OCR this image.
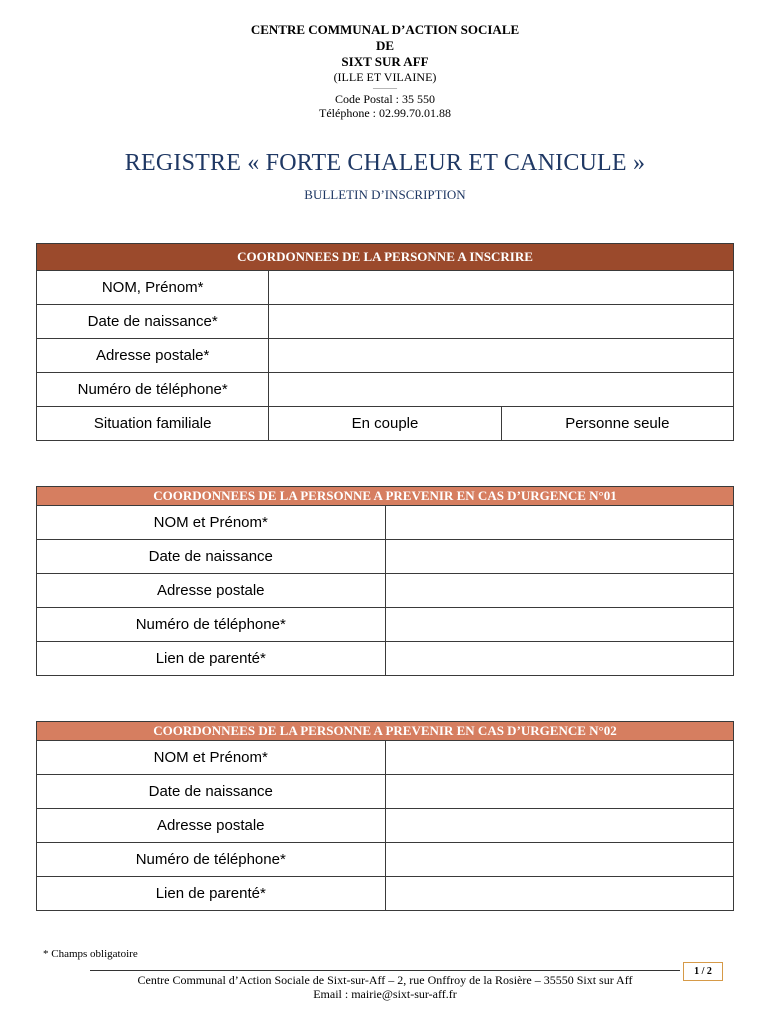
CENTRE COMMUNAL D’ACTION SOCIALE
DE
SIXT SUR AFF
(ILLE ET VILAINE)
———
Code Postal : 35 550
Téléphone : 02.99.70.01.88
REGISTRE « FORTE CHALEUR ET CANICULE »
BULLETIN D’INSCRIPTION
COORDONNEES DE LA PERSONNE A INSCRIRE		
NOM, Prénom*		
Date de naissance*		
Adresse postale*		
Numéro de téléphone*		
Situation familiale	En couple	Personne seule
COORDONNEES DE LA PERSONNE A PREVENIR EN CAS D’URGENCE N°01	
NOM et Prénom*	
Date de naissance	
Adresse postale	
Numéro de téléphone*	
Lien de parenté*	
COORDONNEES DE LA PERSONNE A PREVENIR EN CAS D’URGENCE N°02	
NOM et Prénom*	
Date de naissance	
Adresse postale	
Numéro de téléphone*	
Lien de parenté*	
* Champs obligatoire
1 / 2
Centre Communal d’Action Sociale de Sixt-sur-Aff – 2, rue Onffroy de la Rosière – 35550 Sixt sur Aff
Email : mairie@sixt-sur-aff.fr
